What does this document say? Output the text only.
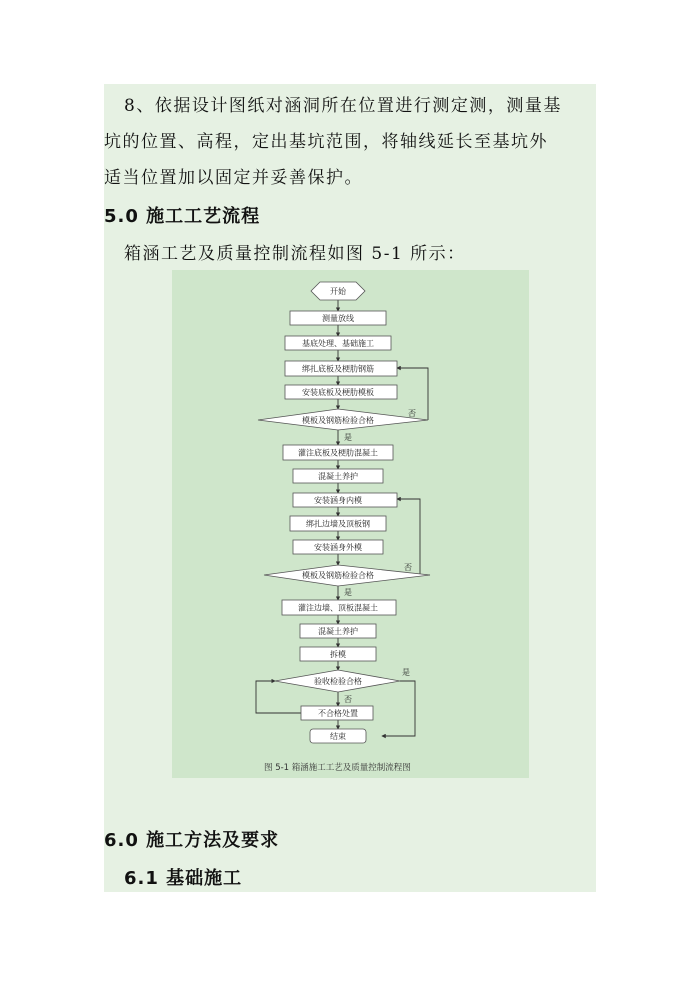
8、依据设计图纸对涵洞所在位置进行测定测，测量基
坑的位置、高程，定出基坑范围，将轴线延长至基坑外
适当位置加以固定并妥善保护。
5.0 施工工艺流程
箱涵工艺及质量控制流程如图 5-1 所示：
开始
测量放线
基底处理、基础施工
绑扎底板及梗肋钢筋
安装底板及梗肋模板
模板及钢筋检验合格
是
否
灌注底板及梗肋混凝土
混凝土养护
安装涵身内模
绑扎边墙及顶板钢
安装涵身外模
模板及钢筋检验合格
是
否
灌注边墙、顶板混凝土
混凝土养护
拆模
验收检验合格
是
否
不合格处置
结束
图 5-1 箱涵施工工艺及质量控制流程图
6.0 施工方法及要求
6.1 基础施工
